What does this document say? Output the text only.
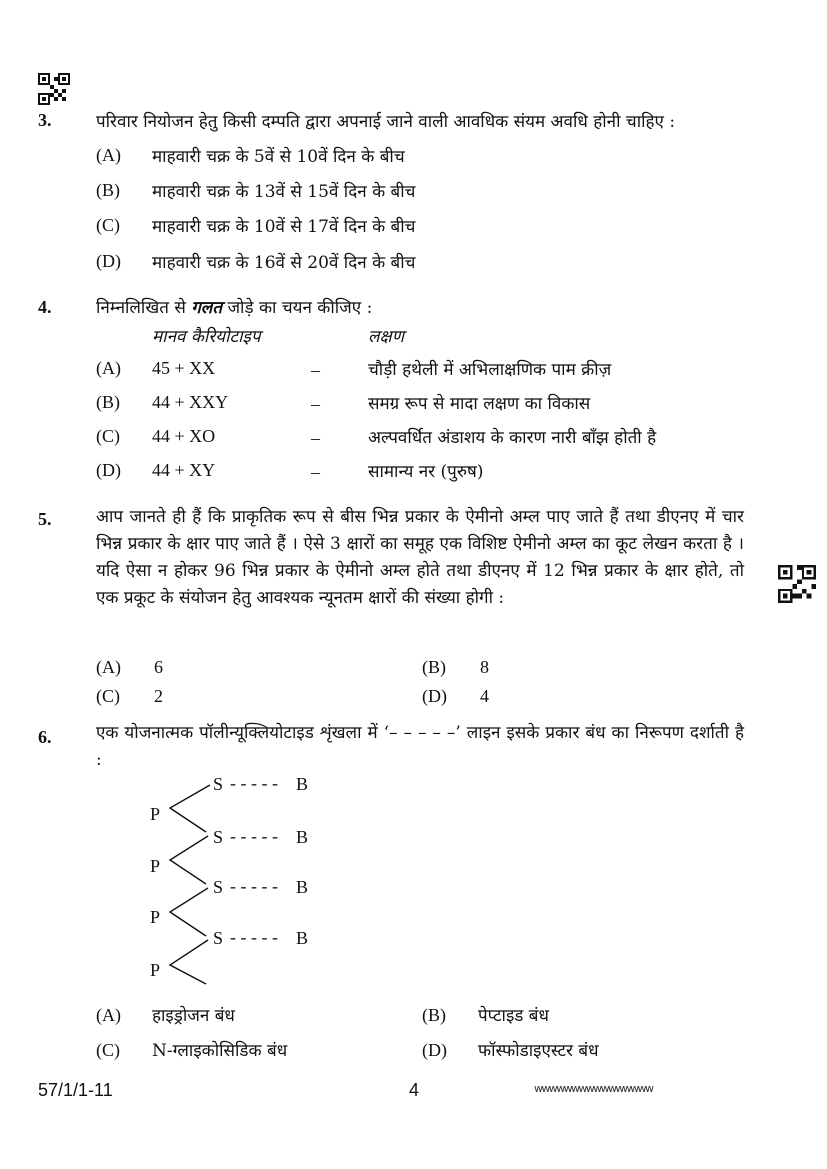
3.	परिवार नियोजन हेतु किसी दम्पति द्वारा अपनाई जाने वाली आवधिक संयम अवधि होनी चाहिए :
(A) माहवारी चक्र के 5वें से 10वें दिन के बीच
(B) माहवारी चक्र के 13वें से 15वें दिन के बीच
(C) माहवारी चक्र के 10वें से 17वें दिन के बीच
(D) माहवारी चक्र के 16वें से 20वें दिन के बीच
4.	निम्नलिखित से गलत जोड़े का चयन कीजिए :
मानव कैरियोटाइप	लक्षण
(A) 45 + XX	–	चौड़ी हथेली में अभिलाक्षणिक पाम क्रीज़
(B) 44 + XXY	–	समग्र रूप से मादा लक्षण का विकास
(C) 44 + XO	–	अल्पवर्धित अंडाशय के कारण नारी बाँझ होती है
(D) 44 + XY	–	सामान्य नर (पुरुष)
5.	आप जानते ही हैं कि प्राकृतिक रूप से बीस भिन्न प्रकार के ऐमीनो अम्ल पाए जाते हैं तथा डीएनए में चार भिन्न प्रकार के क्षार पाए जाते हैं । ऐसे 3 क्षारों का समूह एक विशिष्ट ऐमीनो अम्ल का कूट लेखन करता है । यदि ऐसा न होकर 96 भिन्न प्रकार के ऐमीनो अम्ल होते तथा डीएनए में 12 भिन्न प्रकार के क्षार होते, तो एक प्रकूट के संयोजन हेतु आवश्यक न्यूनतम क्षारों की संख्या होगी :
(A) 6	(B) 8
(C) 2	(D) 4
6.	एक योजनात्मक पॉलीन्यूक्लियोटाइड शृंखला में ‘– – – – –’ लाइन इसके प्रकार बंध का निरूपण दर्शाती है :
P
P
P
P
S
S
S
S
- - - - -
- - - - -
- - - - -
- - - - -
B
B
B
B
(A) हाइड्रोजन बंध	(B) पेप्टाइड बंध
(C) N-ग्लाइकोसिडिक बंध	(D) फॉस्फोडाइएस्टर बंध
57/1/1-11	4	wwwwwwwwwwwwwwww
